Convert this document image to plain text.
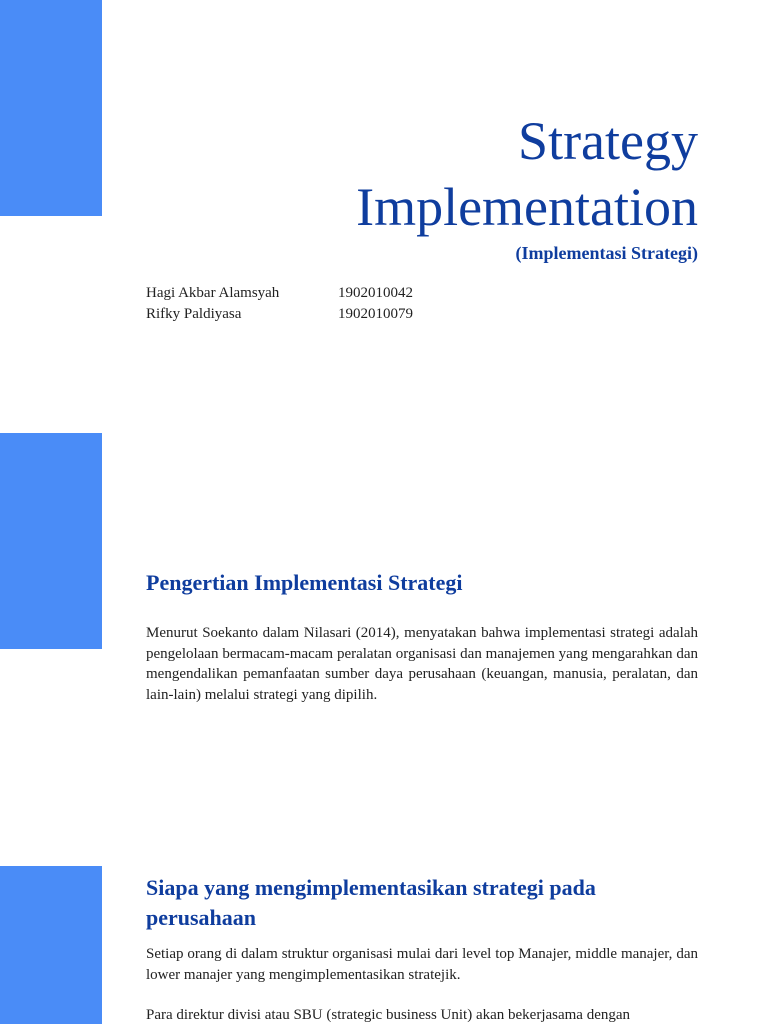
Strategy
Implementation

(Implementasi Strategi)

Hagi Akbar Alamsyah	1902010042
Rifky Paldiyasa	1902010079
Pengertian Implementasi Strategi

Menurut Soekanto dalam Nilasari (2014), menyatakan bahwa implementasi strategi adalah pengelolaan bermacam-macam peralatan organisasi dan manajemen yang mengarahkan dan mengendalikan pemanfaatan sumber daya perusahaan (keuangan, manusia, peralatan, dan lain-lain) melalui strategi yang dipilih.

Siapa yang mengimplementasikan strategi pada perusahaan

Setiap orang di dalam struktur organisasi mulai dari level top Manajer, middle manajer, dan lower manajer yang mengimplementasikan stratejik.

Para direktur divisi atau SBU (strategic business Unit) akan bekerjasama dengan
